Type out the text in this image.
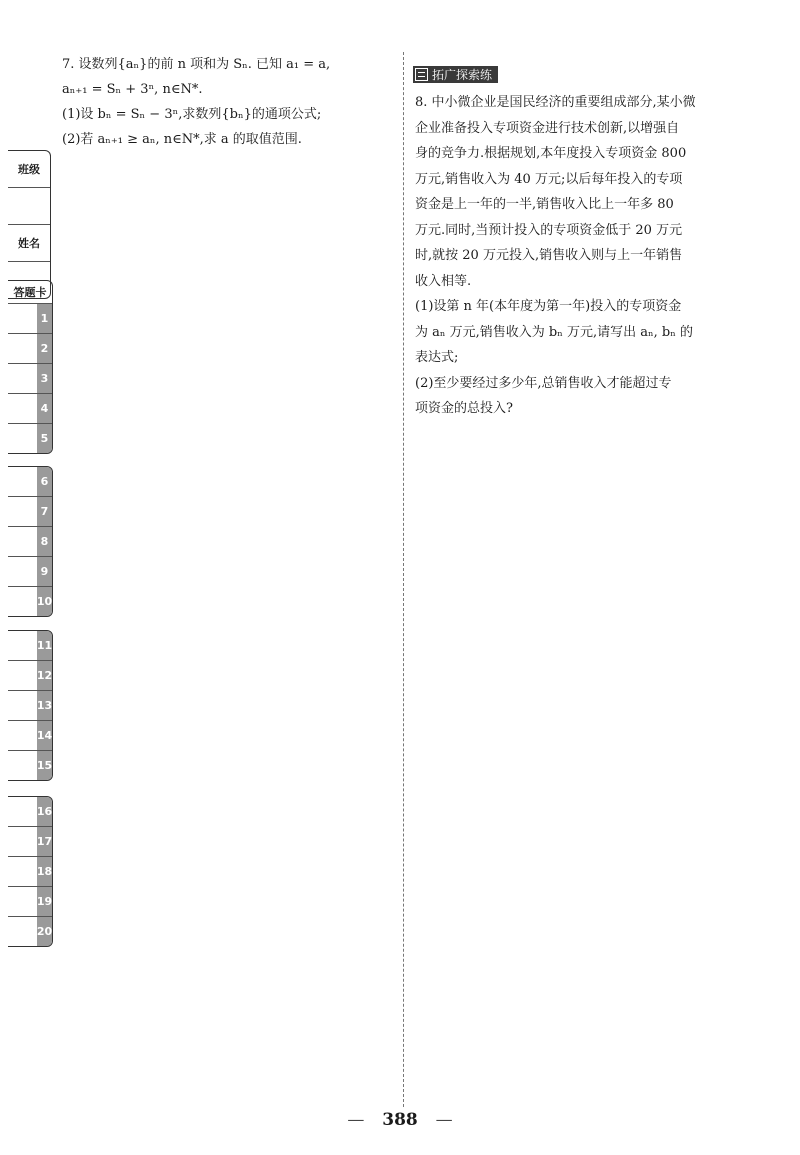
班级
姓名
答题卡
1
2
3
4
5
6
7
8
9
10
11
12
13
14
15
16
17
18
19
20

7. 设数列{aₙ}的前 n 项和为 Sₙ. 已知 a₁ = a,

aₙ₊₁ = Sₙ + 3ⁿ, n∈N*.

(1)设 bₙ = Sₙ − 3ⁿ,求数列{bₙ}的通项公式;

(2)若 aₙ₊₁ ≥ aₙ, n∈N*,求 a 的取值范围.

拓广探索练

8. 中小微企业是国民经济的重要组成部分,某小微

企业准备投入专项资金进行技术创新,以增强自

身的竞争力.根据规划,本年度投入专项资金 800

万元,销售收入为 40 万元;以后每年投入的专项

资金是上一年的一半,销售收入比上一年多 80

万元.同时,当预计投入的专项资金低于 20 万元

时,就按 20 万元投入,销售收入则与上一年销售

收入相等.

(1)设第 n 年(本年度为第一年)投入的专项资金

为 aₙ 万元,销售收入为 bₙ 万元,请写出 aₙ, bₙ 的

表达式;

(2)至少要经过多少年,总销售收入才能超过专

项资金的总投入?

— 388 —
